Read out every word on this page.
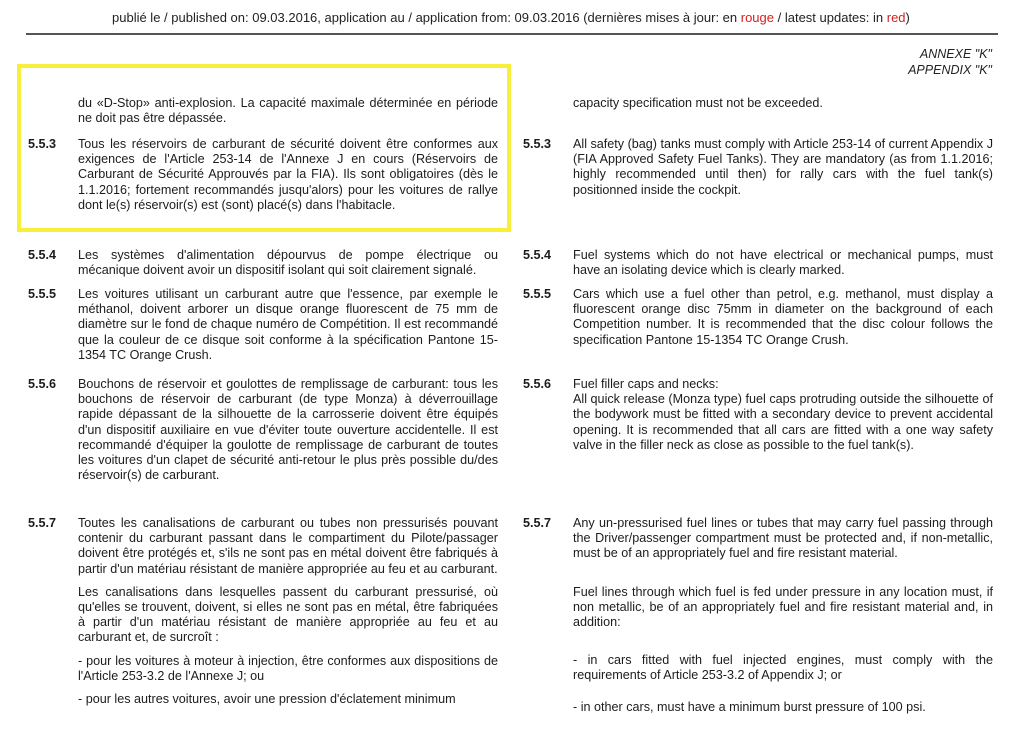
publié le / published on: 09.03.2016, application au / application from: 09.03.2016 (dernières mises à jour: en rouge / latest updates: in red)
ANNEXE "K"
APPENDIX "K"
du «D-Stop» anti-explosion. La capacité maximale déterminée en période ne doit pas être dépassée.
5.5.3	Tous les réservoirs de carburant de sécurité doivent être conformes aux exigences de l'Article 253-14 de l'Annexe J en cours (Réservoirs de Carburant de Sécurité Approuvés par la FIA). Ils sont obligatoires (dès le 1.1.2016; fortement recommandés jusqu'alors) pour les voitures de rallye dont le(s) réservoir(s) est (sont) placé(s) dans l'habitacle.

5.5.4	Les systèmes d'alimentation dépourvus de pompe électrique ou mécanique doivent avoir un dispositif isolant qui soit clairement signalé.

5.5.5	Les voitures utilisant un carburant autre que l'essence, par exemple le méthanol, doivent arborer un disque orange fluorescent de 75 mm de diamètre sur le fond de chaque numéro de Compétition. Il est recommandé que la couleur de ce disque soit conforme à la spécification Pantone 15-1354 TC Orange Crush.

5.5.6	Bouchons de réservoir et goulottes de remplissage de carburant: tous les bouchons de réservoir de carburant (de type Monza) à déverrouillage rapide dépassant de la silhouette de la carrosserie doivent être équipés d'un dispositif auxiliaire en vue d'éviter toute ouverture accidentelle. Il est recommandé d'équiper la goulotte de remplissage de carburant de toutes les voitures d'un clapet de sécurité anti-retour le plus près possible du/des réservoir(s) de carburant.

5.5.7	Toutes les canalisations de carburant ou tubes non pressurisés pouvant contenir du carburant passant dans le compartiment du Pilote/passager doivent être protégés et, s'ils ne sont pas en métal doivent être fabriqués à partir d'un matériau résistant de manière appropriée au feu et au carburant.

Les canalisations dans lesquelles passent du carburant pressurisé, où qu'elles se trouvent, doivent, si elles ne sont pas en métal, être fabriquées à partir d'un matériau résistant de manière appropriée au feu et au carburant et, de surcroît :

- pour les voitures à moteur à injection, être conformes aux dispositions de l'Article 253-3.2 de l'Annexe J; ou

- pour les autres voitures, avoir une pression d'éclatement minimum

capacity specification must not be exceeded.
5.5.3	All safety (bag) tanks must comply with Article 253-14 of current Appendix J (FIA Approved Safety Fuel Tanks). They are mandatory (as from 1.1.2016; highly recommended until then) for rally cars with the fuel tank(s) positionned inside the cockpit.

5.5.4	Fuel systems which do not have electrical or mechanical pumps, must have an isolating device which is clearly marked.

5.5.5	Cars which use a fuel other than petrol, e.g. methanol, must display a fluorescent orange disc 75mm in diameter on the background of each Competition number. It is recommended that the disc colour follows the specification Pantone 15-1354 TC Orange Crush.

5.5.6	Fuel filler caps and necks:

All quick release (Monza type) fuel caps protruding outside the silhouette of the bodywork must be fitted with a secondary device to prevent accidental opening. It is recommended that all cars are fitted with a one way safety valve in the filler neck as close as possible to the fuel tank(s).

5.5.7	Any un-pressurised fuel lines or tubes that may carry fuel passing through the Driver/passenger compartment must be protected and, if non-metallic, must be of an appropriately fuel and fire resistant material.

Fuel lines through which fuel is fed under pressure in any location must, if non metallic, be of an appropriately fuel and fire resistant material and, in addition:

- in cars fitted with fuel injected engines, must comply with the requirements of Article 253-3.2 of Appendix J; or

- in other cars, must have a minimum burst pressure of 100 psi.
